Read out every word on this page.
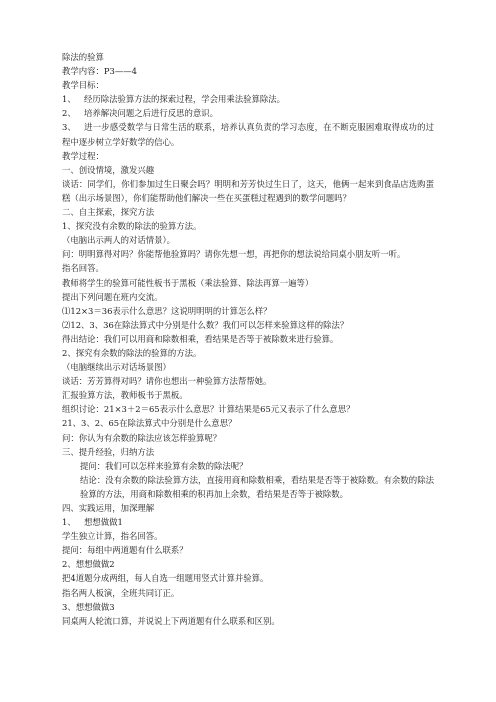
除法的验算
教学内容：P3——4
教学目标：
1、 经历除法验算方法的探索过程，学会用乘法验算除法。
2、 培养解决问题之后进行反思的意识。
3、 进一步感受数学与日常生活的联系，培养认真负责的学习态度，在不断克服困难取得成功的过程中逐步树立学好数学的信心。
教学过程：
一、创设情境，激发兴趣
谈话：同学们，你们参加过生日聚会吗？明明和芳芳快过生日了，这天，他俩一起来到食品店选购蛋糕（出示场景图），你们能帮助他们解决一些在买蛋糕过程遇到的数学问题吗？
二、自主探索，探究方法
1、探究没有余数的除法的验算方法。
（电脑出示两人的对话情景）。
问：明明算得对吗？你能帮他验算吗？请你先想一想，再把你的想法说给同桌小朋友听一听。
指名回答。
教师将学生的验算可能性板书于黑板（乘法验算、除法再算一遍等）
提出下列问题在班内交流。
⑴12×3＝36表示什么意思？这说明明明的计算怎么样？
⑵12、3、36在除法算式中分别是什么数？我们可以怎样来验算这样的除法？
得出结论：我们可以用商和除数相乘，看结果是否等于被除数来进行验算。
2、探究有余数的除法的验算的方法。
（电脑继续出示对话场景图）
谈话：芳芳算得对吗？请你也想出一种验算方法帮帮她。
汇报验算方法，教师板书于黑板。
组织讨论：21×3＋2＝65表示什么意思？计算结果是65元又表示了什么意思？
21、3、2、65在除法算式中分别是什么意思？
问：你认为有余数的除法应该怎样验算呢？
三、提升经验，归纳方法
提问：我们可以怎样来验算有余数的除法呢？
结论：没有余数的除法验算方法，直接用商和除数相乘，看结果是否等于被除数。有余数的除法验算的方法，用商和除数相乘的积再加上余数，看结果是否等于被除数。
四、实践运用，加深理解
1、 想想做做1
学生独立计算，指名回答。
提问：每组中两道题有什么联系？
2、想想做做2
把4道题分成两组，每人自选一组题用竖式计算并验算。
指名两人板演，全班共同订正。
3、想想做做3
同桌两人轮流口算，并说说上下两道题有什么联系和区别。
